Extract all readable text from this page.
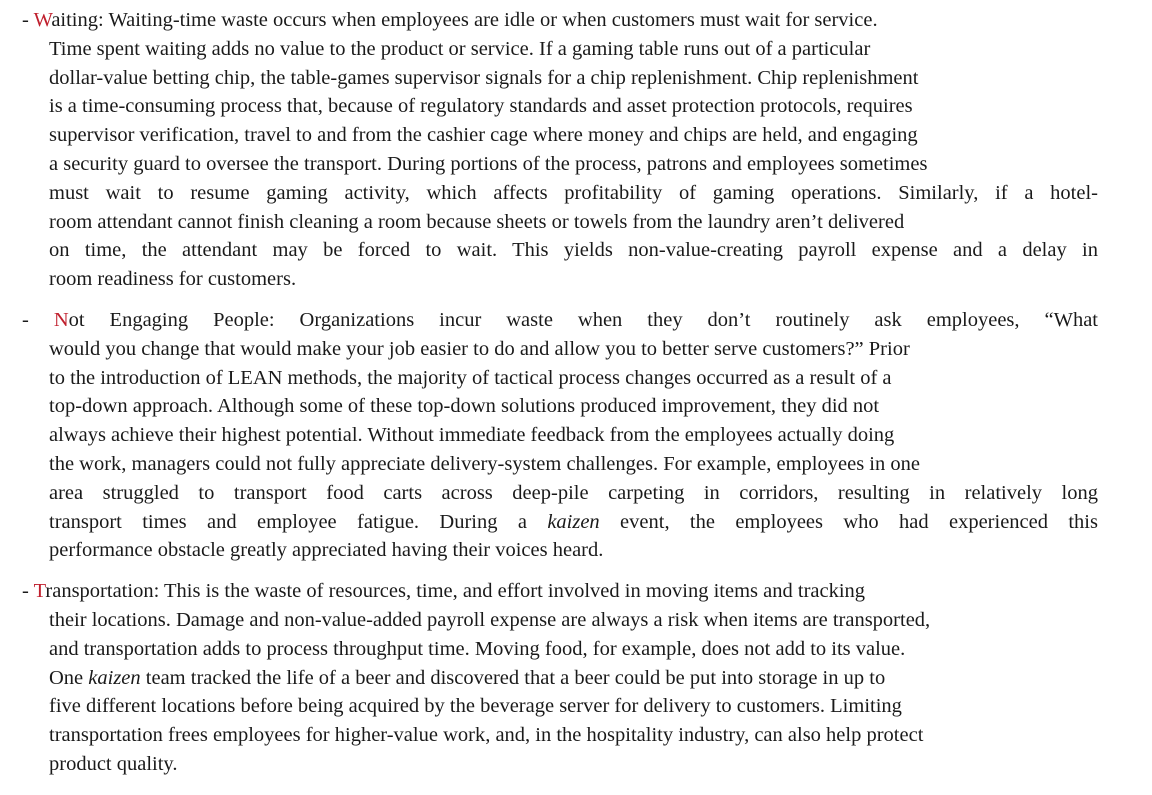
- Waiting: Waiting-time waste occurs when employees are idle or when customers must wait for service.
Time spent waiting adds no value to the product or service. If a gaming table runs out of a particular
dollar-value betting chip, the table-games supervisor signals for a chip replenishment. Chip replenishment
is a time-consuming process that, because of regulatory standards and asset protection protocols, requires
supervisor verification, travel to and from the cashier cage where money and chips are held, and engaging
a security guard to oversee the transport. During portions of the process, patrons and employees sometimes
must wait to resume gaming activity, which affects profitability of gaming operations. Similarly, if a hotel-
room attendant cannot finish cleaning a room because sheets or towels from the laundry aren’t delivered
on time, the attendant may be forced to wait. This yields non-value-creating payroll expense and a delay in
room readiness for customers.
- Not Engaging People: Organizations incur waste when they don’t routinely ask employees, “What
would you change that would make your job easier to do and allow you to better serve customers?” Prior
to the introduction of LEAN methods, the majority of tactical process changes occurred as a result of a
top-down approach. Although some of these top-down solutions produced improvement, they did not
always achieve their highest potential. Without immediate feedback from the employees actually doing
the work, managers could not fully appreciate delivery-system challenges. For example, employees in one
area struggled to transport food carts across deep-pile carpeting in corridors, resulting in relatively long
transport times and employee fatigue. During a kaizen event, the employees who had experienced this
performance obstacle greatly appreciated having their voices heard.
- Transportation: This is the waste of resources, time, and effort involved in moving items and tracking
their locations. Damage and non-value-added payroll expense are always a risk when items are transported,
and transportation adds to process throughput time. Moving food, for example, does not add to its value.
One kaizen team tracked the life of a beer and discovered that a beer could be put into storage in up to
five different locations before being acquired by the beverage server for delivery to customers. Limiting
transportation frees employees for higher-value work, and, in the hospitality industry, can also help protect
product quality.
